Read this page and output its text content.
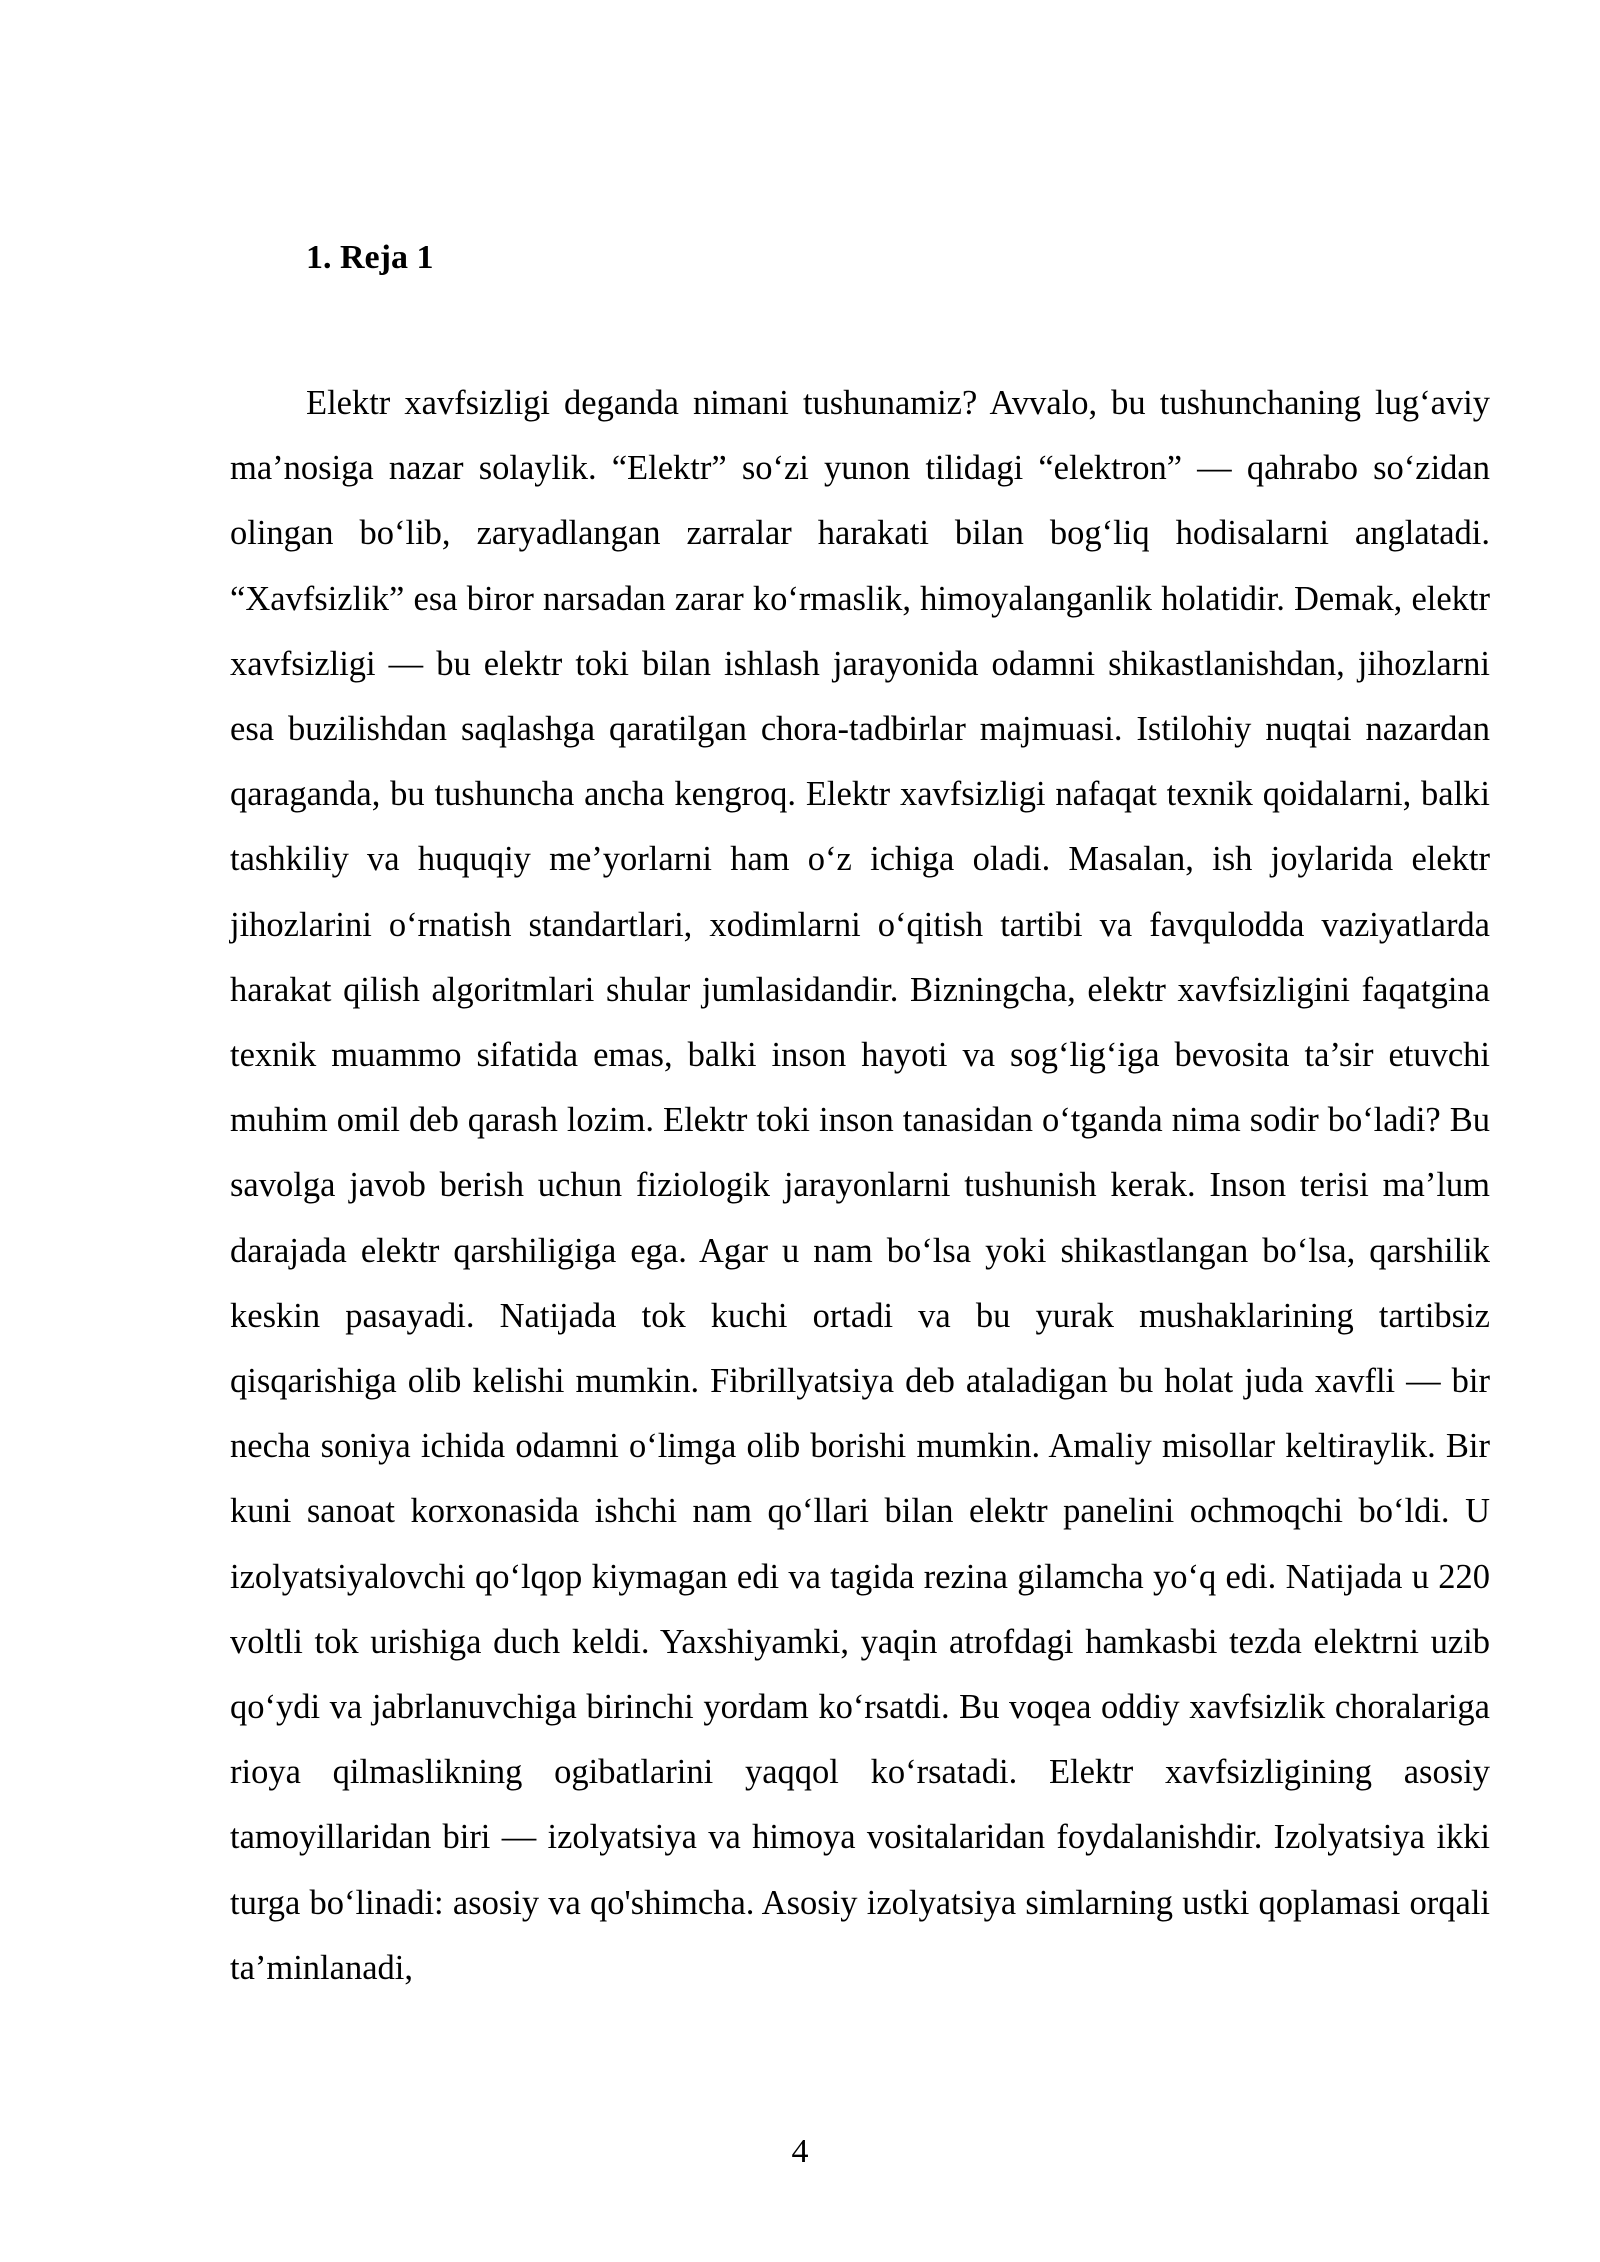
1. Reja 1

Elektr xavfsizligi deganda nimani tushunamiz? Avvalo, bu tushunchaning lug‘aviy ma’nosiga nazar solaylik. “Elektr” so‘zi yunon tilidagi “elektron” — qahrabo so‘zidan olingan bo‘lib, zaryadlangan zarralar harakati bilan bog‘liq hodisalarni anglatadi. “Xavfsizlik” esa biror narsadan zarar ko‘rmaslik, himoyalanganlik holatidir. Demak, elektr xavfsizligi — bu elektr toki bilan ishlash jarayonida odamni shikastlanishdan, jihozlarni esa buzilishdan saqlashga qaratilgan chora-tadbirlar majmuasi. Istilohiy nuqtai nazardan qaraganda, bu tushuncha ancha kengroq. Elektr xavfsizligi nafaqat texnik qoidalarni, balki tashkiliy va huquqiy me’yorlarni ham o‘z ichiga oladi. Masalan, ish joylarida elektr jihozlarini o‘rnatish standartlari, xodimlarni o‘qitish tartibi va favqulodda vaziyatlarda harakat qilish algoritmlari shular jumlasidandir. Bizningcha, elektr xavfsizligini faqatgina texnik muammo sifatida emas, balki inson hayoti va sog‘lig‘iga bevosita ta’sir etuvchi muhim omil deb qarash lozim. Elektr toki inson tanasidan o‘tganda nima sodir bo‘ladi? Bu savolga javob berish uchun fiziologik jarayonlarni tushunish kerak. Inson terisi ma’lum darajada elektr qarshiligiga ega. Agar u nam bo‘lsa yoki shikastlangan bo‘lsa, qarshilik keskin pasayadi. Natijada tok kuchi ortadi va bu yurak mushaklarining tartibsiz qisqarishiga olib kelishi mumkin. Fibrillyatsiya deb ataladigan bu holat juda xavfli — bir necha soniya ichida odamni o‘limga olib borishi mumkin. Amaliy misollar keltiraylik. Bir kuni sanoat korxonasida ishchi nam qo‘llari bilan elektr panelini ochmoqchi bo‘ldi. U izolyatsiyalovchi qo‘lqop kiymagan edi va tagida rezina gilamcha yo‘q edi. Natijada u 220 voltli tok urishiga duch keldi. Yaxshiyamki, yaqin atrofdagi hamkasbi tezda elektrni uzib qo‘ydi va jabrlanuvchiga birinchi yordam ko‘rsatdi. Bu voqea oddiy xavfsizlik choralariga rioya qilmaslikning ogibatlarini yaqqol ko‘rsatadi. Elektr xavfsizligining asosiy tamoyillaridan biri — izolyatsiya va himoya vositalaridan foydalanishdir. Izolyatsiya ikki turga bo‘linadi: asosiy va qo'shimcha. Asosiy izolyatsiya simlarning ustki qoplamasi orqali ta’minlanadi,

4
